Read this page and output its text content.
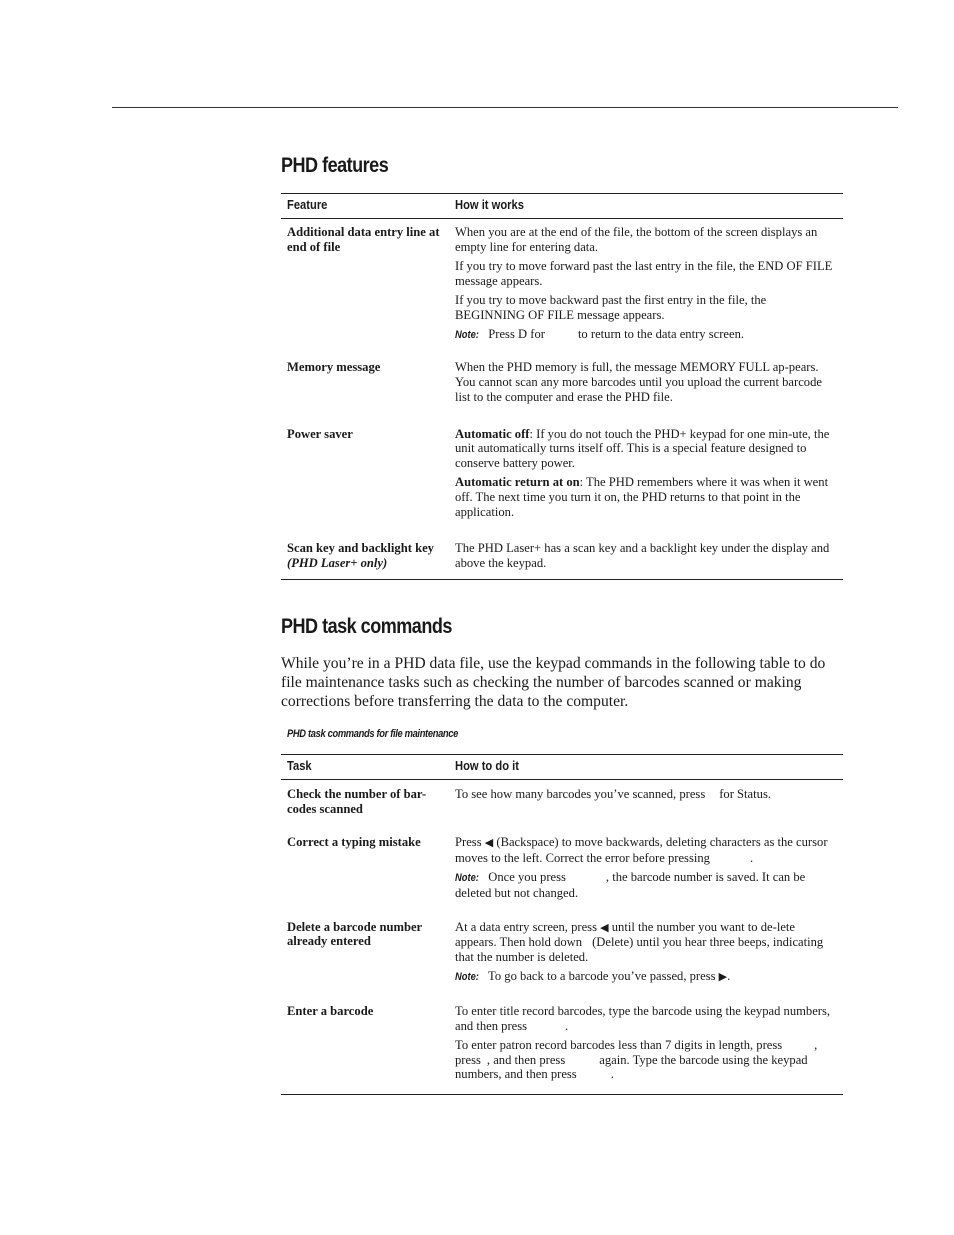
PHD features
Feature	How it works
Additional data entry line at end of file	When you are at the end of the file, the bottom of the screen displays an empty line for entering data.

If you try to move forward past the last entry in the file, the END OF FILE message appears.

If you try to move backward past the first entry in the file, the BEGINNING OF FILE message appears.

Note: Press D for to return to the data entry screen.

Memory message	When the PHD memory is full, the message MEMORY FULL ap-pears. You cannot scan any more barcodes until you upload the current barcode list to the computer and erase the PHD file.

Power saver	Automatic off: If you do not touch the PHD+ keypad for one min-ute, the unit automatically turns itself off. This is a special feature designed to conserve battery power.

Automatic return at on: The PHD remembers where it was when it went off. The next time you turn it on, the PHD returns to that point in the application.

Scan key and backlight key (PHD Laser+ only)	The PHD Laser+ has a scan key and a backlight key under the display and above the keypad.

PHD task commands

While you’re in a PHD data file, use the keypad commands in the following table to do file maintenance tasks such as checking the number of barcodes scanned or making corrections before transferring the data to the computer.

PHD task commands for file maintenance

Task	How to do it
Check the number of bar-codes scanned	To see how many barcodes you’ve scanned, press for Status.

Correct a typing mistake	Press ◀ (Backspace) to move backwards, deleting characters as the cursor moves to the left. Correct the error before pressing .

Note: Once you press , the barcode number is saved. It can be deleted but not changed.

Delete a barcode number already entered	At a data entry screen, press ◀ until the number you want to de-lete appears. Then hold down (Delete) until you hear three beeps, indicating that the number is deleted.

Note: To go back to a barcode you’ve passed, press ▶.

Enter a barcode	To enter title record barcodes, type the barcode using the keypad numbers, and then press .

To enter patron record barcodes less than 7 digits in length, press , press , and then press again. Type the barcode using the keypad numbers, and then press .
